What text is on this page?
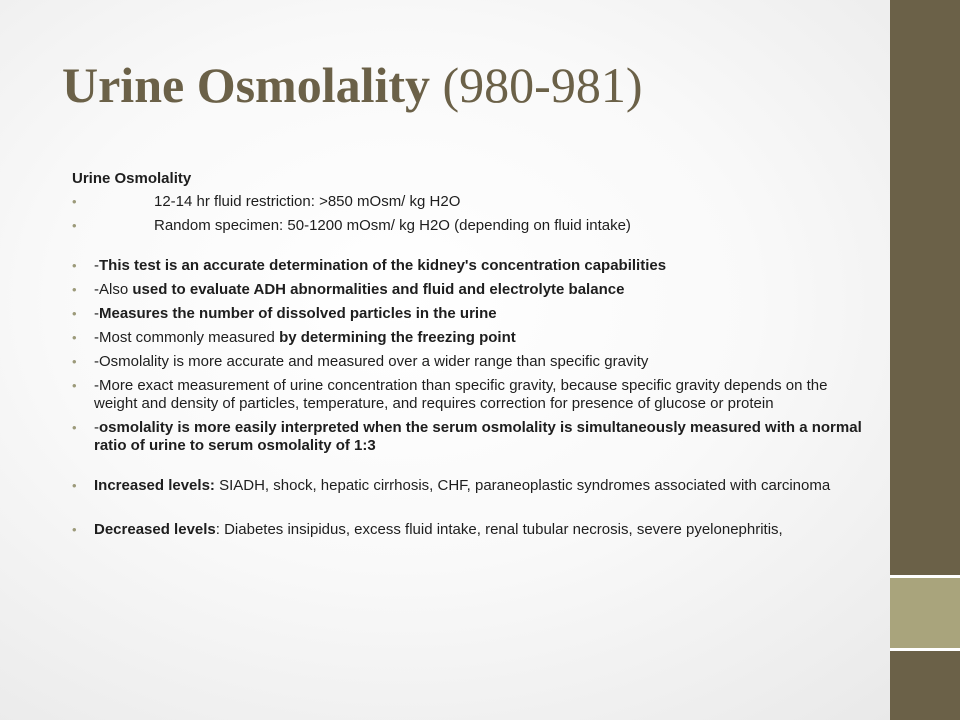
Urine Osmolality (980-981)
Urine Osmolality
• 12-14 hr fluid restriction: >850 mOsm/ kg H2O
• Random specimen: 50-1200 mOsm/ kg H2O (depending on fluid intake)
• -This test is an accurate determination of the kidney's concentration capabilities
• -Also used to evaluate ADH abnormalities and fluid and electrolyte balance
• -Measures the number of dissolved particles in the urine
• -Most commonly measured by determining the freezing point
• -Osmolality is more accurate and measured over a wider range than specific gravity
• -More exact measurement of urine concentration than specific gravity, because specific gravity depends on the weight and density of particles, temperature, and requires correction for presence of glucose or protein
• -osmolality is more easily interpreted when the serum osmolality is simultaneously measured with a normal ratio of urine to serum osmolality of 1:3
• Increased levels: SIADH, shock, hepatic cirrhosis, CHF, paraneoplastic syndromes associated with carcinoma
• Decreased levels: Diabetes insipidus, excess fluid intake, renal tubular necrosis, severe pyelonephritis,
